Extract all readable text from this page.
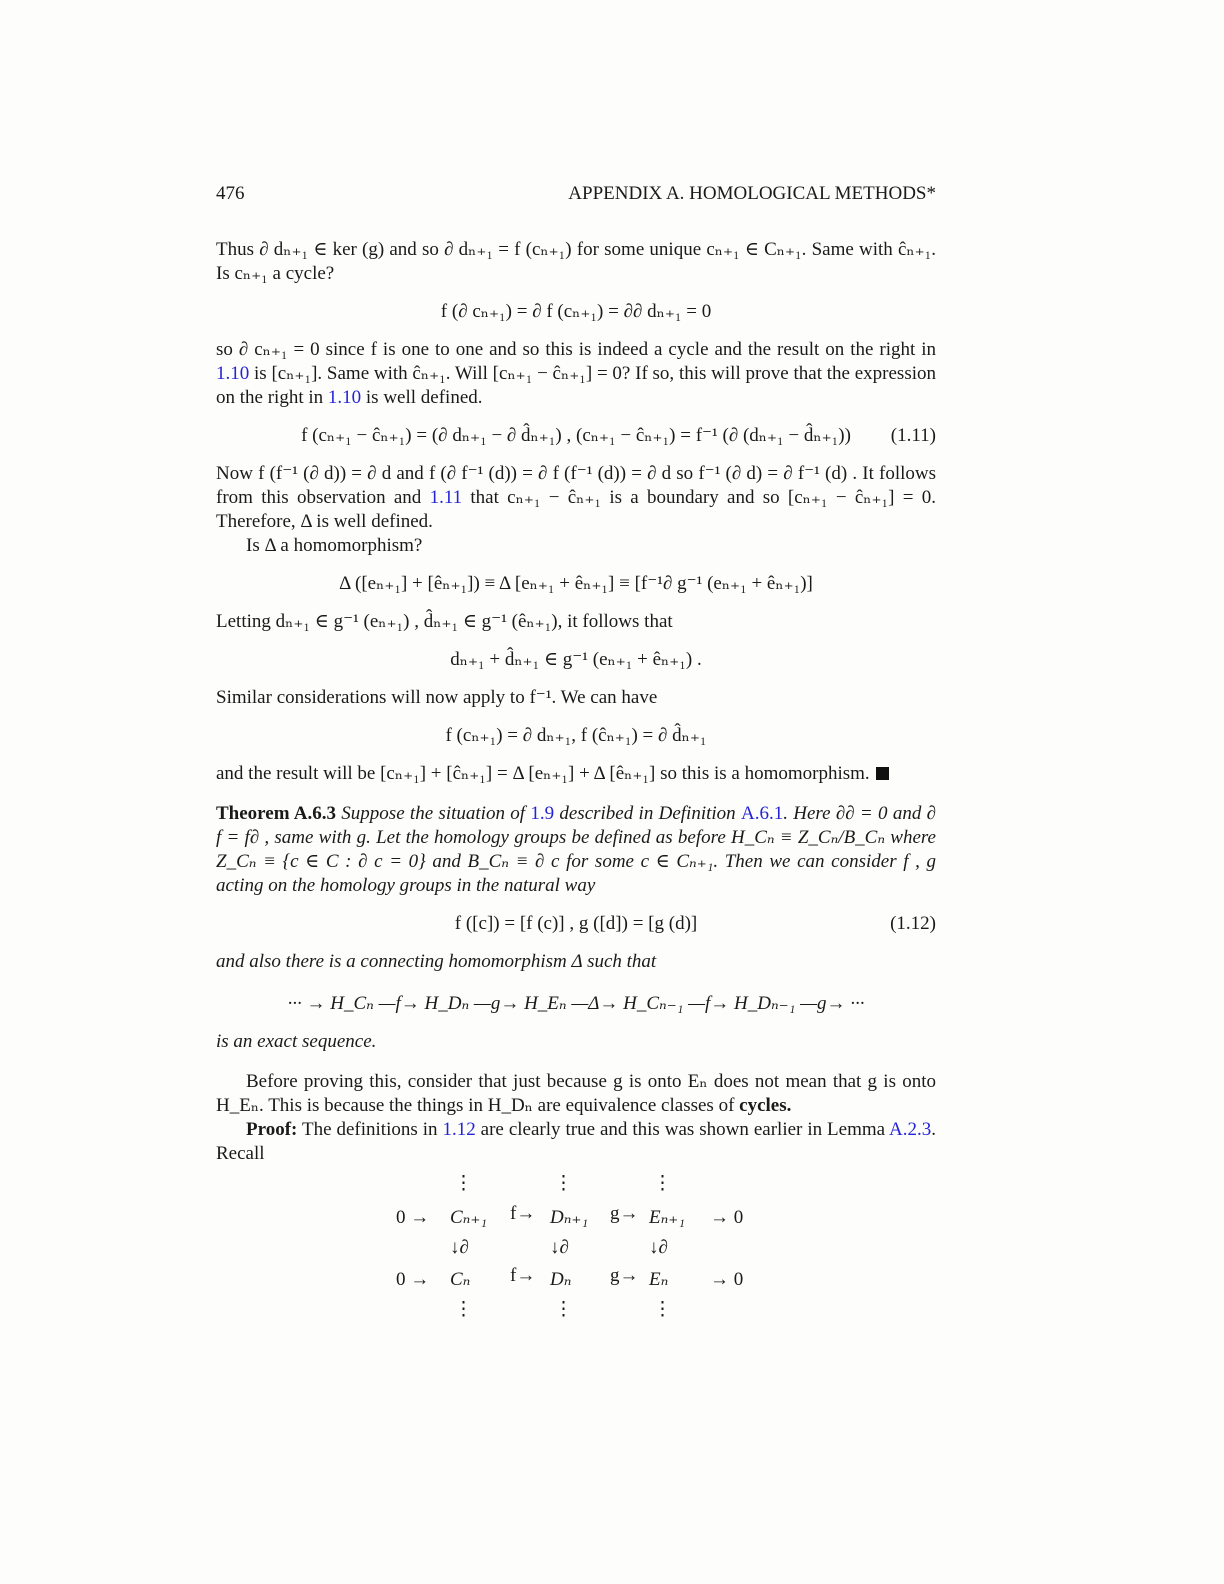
476	APPENDIX A. HOMOLOGICAL METHODS*

Thus ∂ dₙ₊₁ ∈ ker (g) and so ∂ dₙ₊₁ = f (cₙ₊₁) for some unique cₙ₊₁ ∈ Cₙ₊₁. Same with ĉₙ₊₁. Is cₙ₊₁ a cycle?

f (∂ cₙ₊₁) = ∂ f (cₙ₊₁) = ∂∂ dₙ₊₁ = 0

so ∂ cₙ₊₁ = 0 since f is one to one and so this is indeed a cycle and the result on the right in 1.10 is [cₙ₊₁]. Same with ĉₙ₊₁. Will [cₙ₊₁ − ĉₙ₊₁] = 0? If so, this will prove that the expression on the right in 1.10 is well defined.

f (cₙ₊₁ − ĉₙ₊₁) = (∂ dₙ₊₁ − ∂ d̂ₙ₊₁) , (cₙ₊₁ − ĉₙ₊₁) = f⁻¹ (∂ (dₙ₊₁ − d̂ₙ₊₁)) (1.11)

Now f (f⁻¹ (∂ d)) = ∂ d and f (∂ f⁻¹ (d)) = ∂ f (f⁻¹ (d)) = ∂ d so f⁻¹ (∂ d) = ∂ f⁻¹ (d) . It follows from this observation and 1.11 that cₙ₊₁ − ĉₙ₊₁ is a boundary and so [cₙ₊₁ − ĉₙ₊₁] = 0. Therefore, Δ is well defined.

Is Δ a homomorphism?

Δ ([eₙ₊₁] + [êₙ₊₁]) ≡ Δ [eₙ₊₁ + êₙ₊₁] ≡ [f⁻¹∂ g⁻¹ (eₙ₊₁ + êₙ₊₁)]

Letting dₙ₊₁ ∈ g⁻¹ (eₙ₊₁) , d̂ₙ₊₁ ∈ g⁻¹ (êₙ₊₁), it follows that

dₙ₊₁ + d̂ₙ₊₁ ∈ g⁻¹ (eₙ₊₁ + êₙ₊₁) .

Similar considerations will now apply to f⁻¹. We can have

f (cₙ₊₁) = ∂ dₙ₊₁, f (ĉₙ₊₁) = ∂ d̂ₙ₊₁

and the result will be [cₙ₊₁] + [ĉₙ₊₁] = Δ [eₙ₊₁] + Δ [êₙ₊₁] so this is a homomorphism.

Theorem A.6.3 Suppose the situation of 1.9 described in Definition A.6.1. Here ∂∂ = 0 and ∂ f = f∂ , same with g. Let the homology groups be defined as before H_Cₙ ≡ Z_Cₙ/B_Cₙ where Z_Cₙ ≡ {c ∈ C : ∂ c = 0} and B_Cₙ ≡ ∂ c for some c ∈ Cₙ₊₁. Then we can consider f , g acting on the homology groups in the natural way

f ([c]) = [f (c)] , g ([d]) = [g (d)]	(1.12)

and also there is a connecting homomorphism Δ such that

··· → H_Cₙ —f→ H_Dₙ —g→ H_Eₙ —Δ→ H_Cₙ₋₁ —f→ H_Dₙ₋₁ —g→ ···

is an exact sequence.

Before proving this, consider that just because g is onto Eₙ does not mean that g is onto H_Eₙ. This is because the things in H_Dₙ are equivalence classes of cycles.

Proof: The definitions in 1.12 are clearly true and this was shown earlier in Lemma A.2.3. Recall

⋮	⋮	⋮
0 → Cₙ₊₁ f→ Dₙ₊₁ g→ Eₙ₊₁ → 0
↓∂	↓∂	↓∂
0 → Cₙ f→ Dₙ g→ Eₙ → 0
⋮	⋮	⋮
